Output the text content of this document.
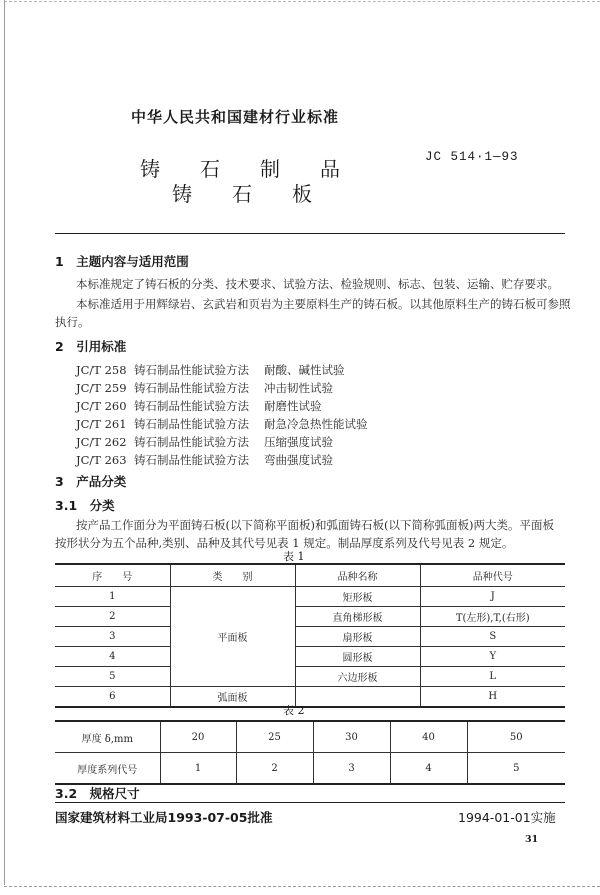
中华人民共和国建材行业标准
JC 514·1—93
铸 石 制 品
铸 石 板
1　主题内容与适用范围
本标准规定了铸石板的分类、技术要求、试验方法、检验规则、标志、包装、运输、贮存要求。
本标准适用于用辉绿岩、玄武岩和页岩为主要原料生产的铸石板。以其他原料生产的铸石板可参照
执行。
2　引用标准
JC/T 258 铸石制品性能试验方法 耐酸、碱性试验
JC/T 259 铸石制品性能试验方法 冲击韧性试验
JC/T 260 铸石制品性能试验方法 耐磨性试验
JC/T 261 铸石制品性能试验方法 耐急冷急热性能试验
JC/T 262 铸石制品性能试验方法 压缩强度试验
JC/T 263 铸石制品性能试验方法 弯曲强度试验
3　产品分类
3.1　分类
按产品工作面分为平面铸石板(以下简称平面板)和弧面铸石板(以下简称弧面板)两大类。平面板
按形状分为五个品种,类别、品种及其代号见表 1 规定。制品厚度系列及代号见表 2 规定。
表 1
序　　号	类　　别	品种名称	品种代号
1	平面板	矩形板	J
2		直角梯形板	T(左形),T,(右形)
3		扇形板	S
4		圆形板	Y
5		六边形板	L
6	弧面板		H
表 2
厚度 δ,mm	20	25	30	40	50
厚度系列代号	1	2	3	4	5
3.2　规格尺寸
国家建筑材料工业局1993-07-05批准	1994-01-01实施
31
